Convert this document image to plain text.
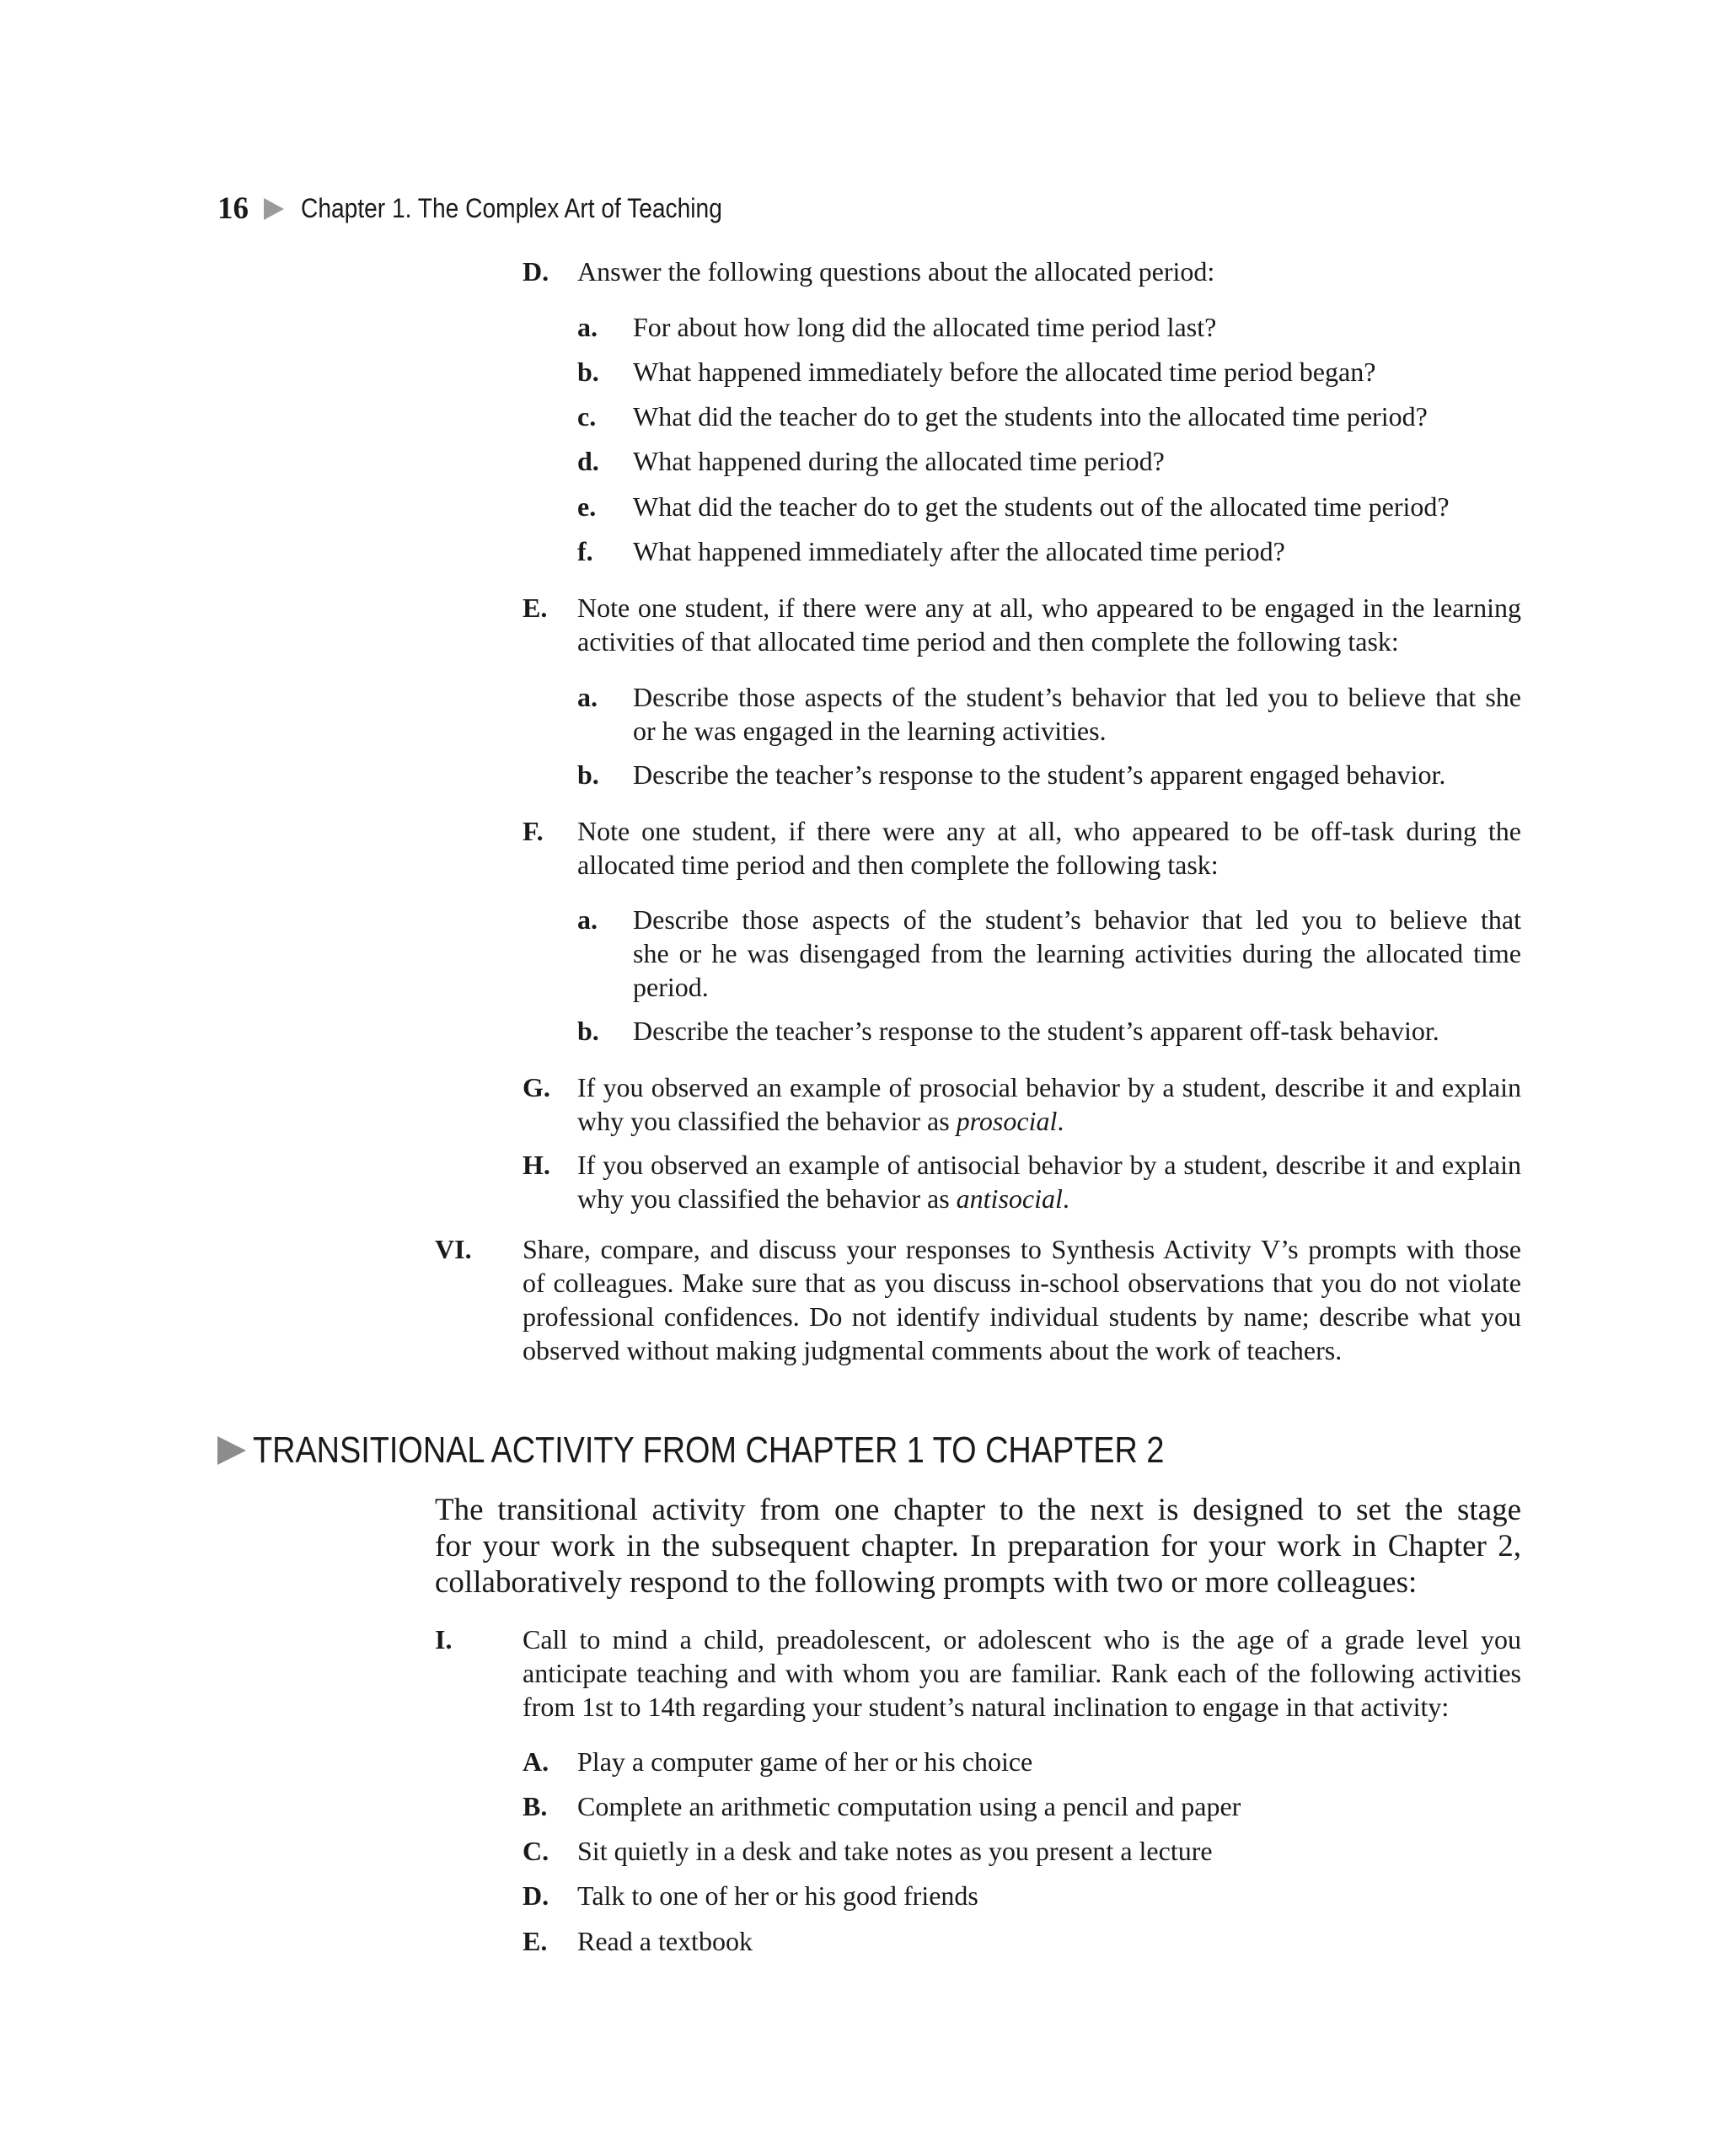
16 Chapter 1. The Complex Art of Teaching
D. Answer the following questions about the allocated period:
a. For about how long did the allocated time period last?
b. What happened immediately before the allocated time period began?
c. What did the teacher do to get the students into the allocated time period?
d. What happened during the allocated time period?
e. What did the teacher do to get the students out of the allocated time period?
f. What happened immediately after the allocated time period?
E. Note one student, if there were any at all, who appeared to be engaged in the learning
activities of that allocated time period and then complete the following task:
a. Describe those aspects of the student’s behavior that led you to believe that she
or he was engaged in the learning activities.
b. Describe the teacher’s response to the student’s apparent engaged behavior.
F. Note one student, if there were any at all, who appeared to be off-task during the
allocated time period and then complete the following task:
a. Describe those aspects of the student’s behavior that led you to believe that
she or he was disengaged from the learning activities during the allocated time
period.
b. Describe the teacher’s response to the student’s apparent off-task behavior.
G. If you observed an example of prosocial behavior by a student, describe it and explain
why you classified the behavior as prosocial.
H. If you observed an example of antisocial behavior by a student, describe it and explain
why you classified the behavior as antisocial.
VI. Share, compare, and discuss your responses to Synthesis Activity V’s prompts with those
of colleagues. Make sure that as you discuss in-school observations that you do not violate
professional confidences. Do not identify individual students by name; describe what you
observed without making judgmental comments about the work of teachers.
TRANSITIONAL ACTIVITY FROM CHAPTER 1 TO CHAPTER 2
The transitional activity from one chapter to the next is designed to set the stage
for your work in the subsequent chapter. In preparation for your work in Chapter 2,
collaboratively respond to the following prompts with two or more colleagues:
I.	Call to mind a child, preadolescent, or adolescent who is the age of a grade level you
anticipate teaching and with whom you are familiar. Rank each of the following activities
from 1st to 14th regarding your student’s natural inclination to engage in that activity:
A. Play a computer game of her or his choice
B. Complete an arithmetic computation using a pencil and paper
C. Sit quietly in a desk and take notes as you present a lecture
D. Talk to one of her or his good friends
E. Read a textbook
